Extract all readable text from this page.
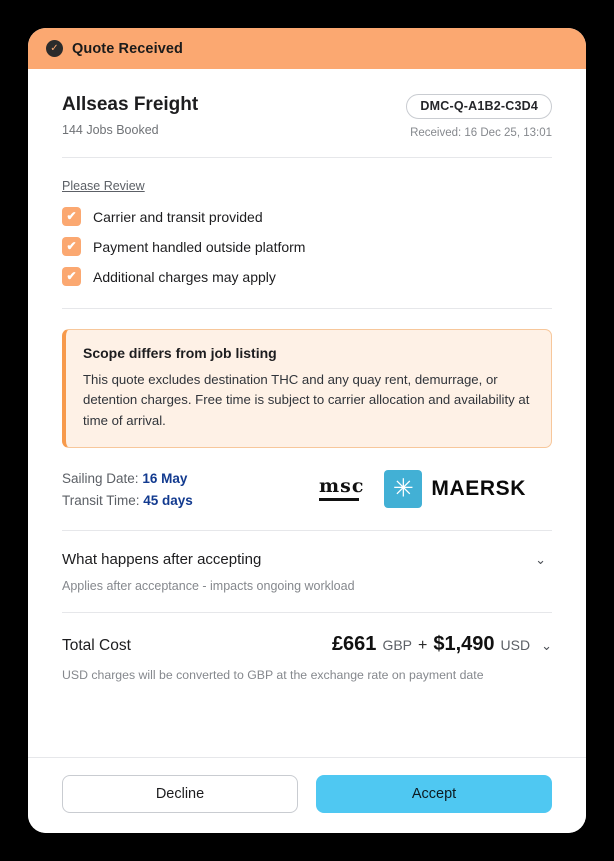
✓ Quote Received
Allseas Freight
144 Jobs Booked
DMC-Q-A1B2-C3D4
Received: 16 Dec 25, 13:01
Please Review
✔	Carrier and transit provided
✔	Payment handled outside platform
✔	Additional charges may apply
Scope differs from job listing
This quote excludes destination THC and any quay rent, demurrage, or detention charges. Free time is subject to carrier allocation and availability at time of arrival.
Sailing Date: 16 May
Transit Time: 45 days
msc ✳ MAERSK
What happens after accepting	⌄
Applies after acceptance - impacts ongoing workload
Total Cost	£661 GBP + $1,490 USD ⌄
USD charges will be converted to GBP at the exchange rate on payment date
Decline	Accept
